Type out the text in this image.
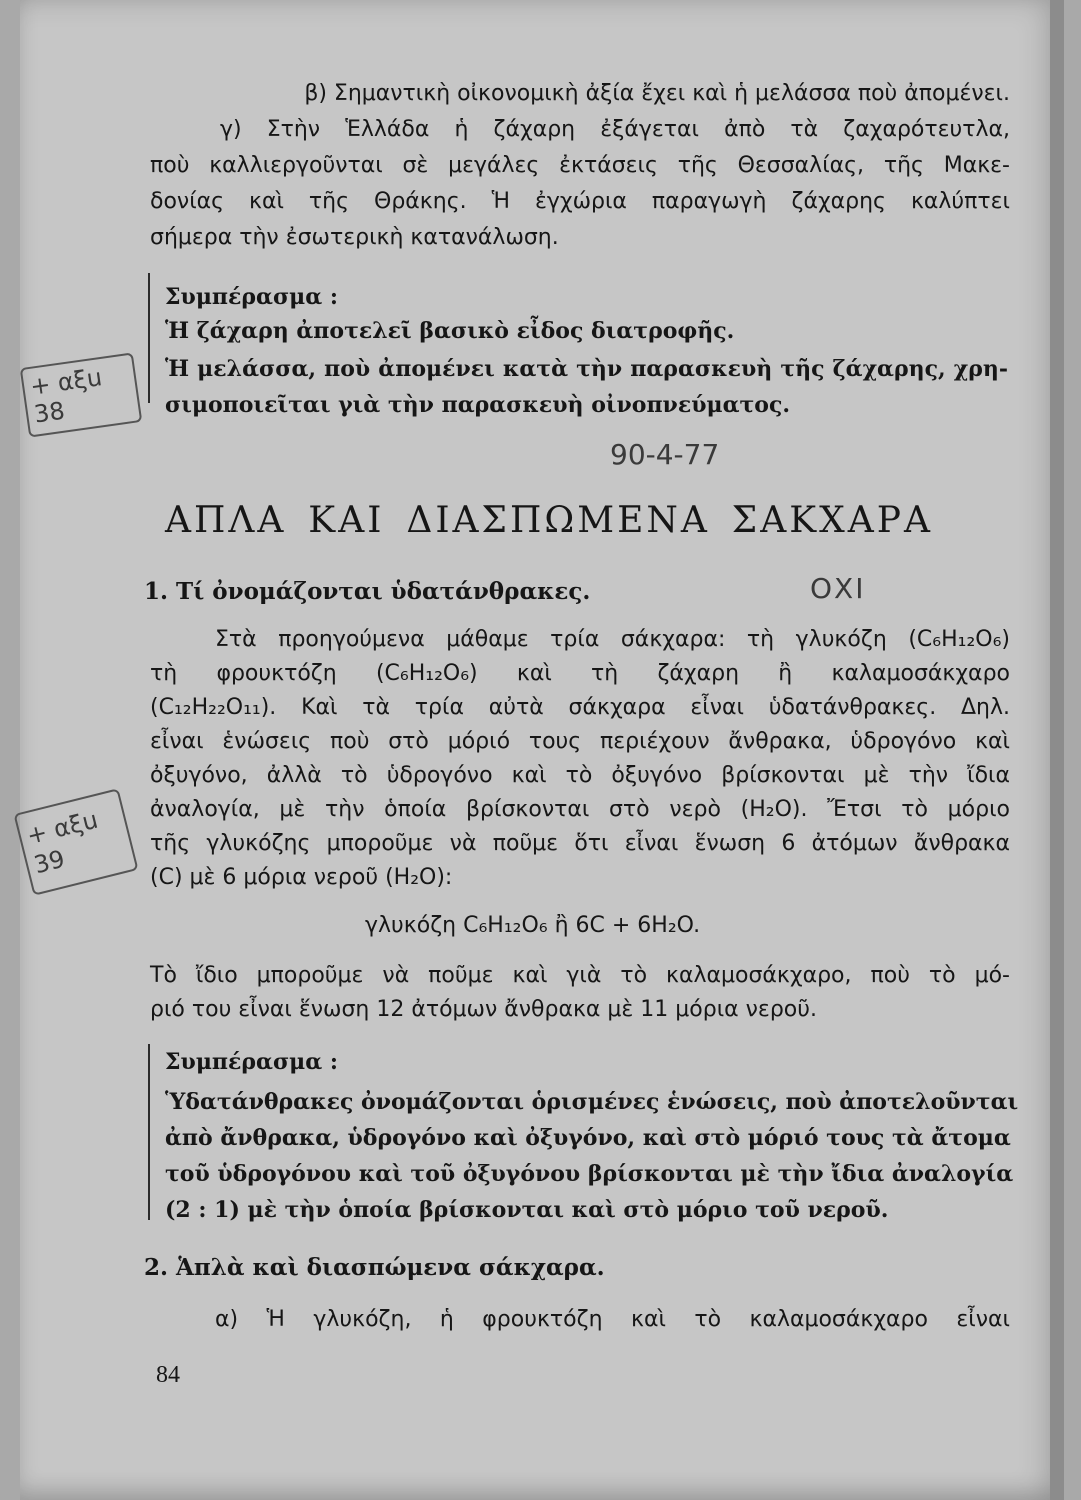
β) Σημαντικὴ οἰκονομικὴ ἀξία ἔχει καὶ ἡ μελάσσα ποὺ ἀπομένει.
γ) Στὴν Ἑλλάδα ἡ ζάχαρη ἐξάγεται ἀπὸ τὰ ζαχαρότευτλα,
ποὺ καλλιεργοῦνται σὲ μεγάλες ἐκτάσεις τῆς Θεσσαλίας, τῆς Μακε-
δονίας καὶ τῆς Θράκης. Ἡ ἐγχώρια παραγωγὴ ζάχαρης καλύπτει
σήμερα τὴν ἐσωτερικὴ κατανάλωση.
Συμπέρασμα :
Ἡ ζάχαρη ἀποτελεῖ βασικὸ εἶδος διατροφῆς.
Ἡ μελάσσα, ποὺ ἀπομένει κατὰ τὴν παρασκευὴ τῆς ζάχαρης, χρη-
σιμοποιεῖται γιὰ τὴν παρασκευὴ οἰνοπνεύματος.
90-4-77
+ αξu 38
+ αξu 39
ΟΧΙ
ΑΠΛΑ ΚΑΙ ΔΙΑΣΠΩΜΕΝΑ ΣΑΚΧΑΡΑ
1. Τί ὀνομάζονται ὑδατάνθρακες.
Στὰ προηγούμενα μάθαμε τρία σάκχαρα: τὴ γλυκόζη (C₆H₁₂O₆)
τὴ φρουκτόζη (C₆H₁₂O₆) καὶ τὴ ζάχαρη ἢ καλαμοσάκχαρο
(C₁₂H₂₂O₁₁). Καὶ τὰ τρία αὐτὰ σάκχαρα εἶναι ὑδατάνθρακες. Δηλ.
εἶναι ἑνώσεις ποὺ στὸ μόριό τους περιέχουν ἄνθρακα, ὑδρογόνο καὶ
ὀξυγόνο, ἀλλὰ τὸ ὑδρογόνο καὶ τὸ ὀξυγόνο βρίσκονται μὲ τὴν ἴδια
ἀναλογία, μὲ τὴν ὁποία βρίσκονται στὸ νερὸ (H₂O). Ἔτσι τὸ μόριο
τῆς γλυκόζης μποροῦμε νὰ ποῦμε ὅτι εἶναι ἕνωση 6 ἀτόμων ἄνθρακα
(C) μὲ 6 μόρια νεροῦ (H₂O):
γλυκόζη C₆H₁₂O₆ ἢ 6C + 6H₂O.
Τὸ ἴδιο μποροῦμε νὰ ποῦμε καὶ γιὰ τὸ καλαμοσάκχαρο, ποὺ τὸ μό-
ριό του εἶναι ἕνωση 12 ἀτόμων ἄνθρακα μὲ 11 μόρια νεροῦ.
Συμπέρασμα :
Ὑδατάνθρακες ὀνομάζονται ὁρισμένες ἑνώσεις, ποὺ ἀποτελοῦνται
ἀπὸ ἄνθρακα, ὑδρογόνο καὶ ὀξυγόνο, καὶ στὸ μόριό τους τὰ ἄτομα
τοῦ ὑδρογόνου καὶ τοῦ ὀξυγόνου βρίσκονται μὲ τὴν ἴδια ἀναλογία
(2 : 1) μὲ τὴν ὁποία βρίσκονται καὶ στὸ μόριο τοῦ νεροῦ.
2. Ἁπλὰ καὶ διασπώμενα σάκχαρα.
α) Ἡ γλυκόζη, ἡ φρουκτόζη καὶ τὸ καλαμοσάκχαρο εἶναι
84
